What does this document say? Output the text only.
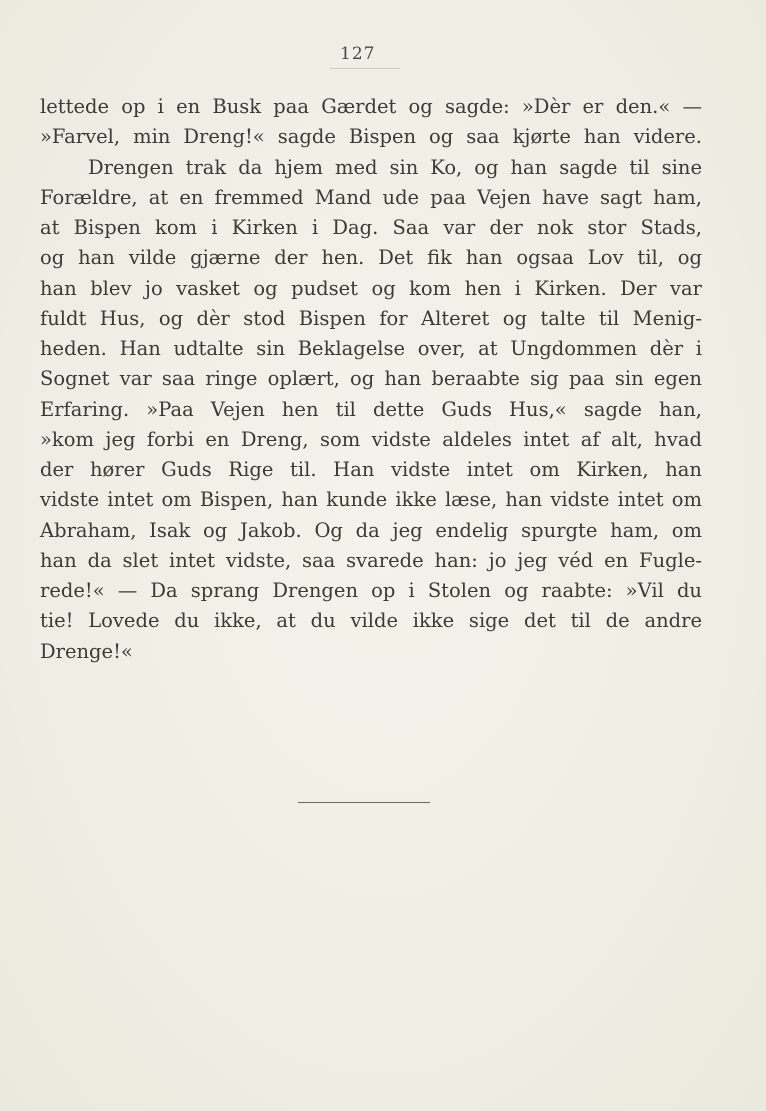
127
lettede op i en Busk paa Gærdet og sagde: »Dèr er den.« —
»Farvel, min Dreng!« sagde Bispen og saa kjørte han videre.
Drengen trak da hjem med sin Ko, og han sagde til sine
Forældre, at en fremmed Mand ude paa Vejen have sagt ham,
at Bispen kom i Kirken i Dag. Saa var der nok stor Stads,
og han vilde gjærne der hen. Det fik han ogsaa Lov til, og
han blev jo vasket og pudset og kom hen i Kirken. Der var
fuldt Hus, og dèr stod Bispen for Alteret og talte til Menig-
heden. Han udtalte sin Beklagelse over, at Ungdommen dèr i
Sognet var saa ringe oplært, og han beraabte sig paa sin egen
Erfaring. »Paa Vejen hen til dette Guds Hus,« sagde han,
»kom jeg forbi en Dreng, som vidste aldeles intet af alt, hvad
der hører Guds Rige til. Han vidste intet om Kirken, han
vidste intet om Bispen, han kunde ikke læse, han vidste intet om
Abraham, Isak og Jakob. Og da jeg endelig spurgte ham, om
han da slet intet vidste, saa svarede han: jo jeg véd en Fugle-
rede!« — Da sprang Drengen op i Stolen og raabte: »Vil du
tie! Lovede du ikke, at du vilde ikke sige det til de andre
Drenge!«
